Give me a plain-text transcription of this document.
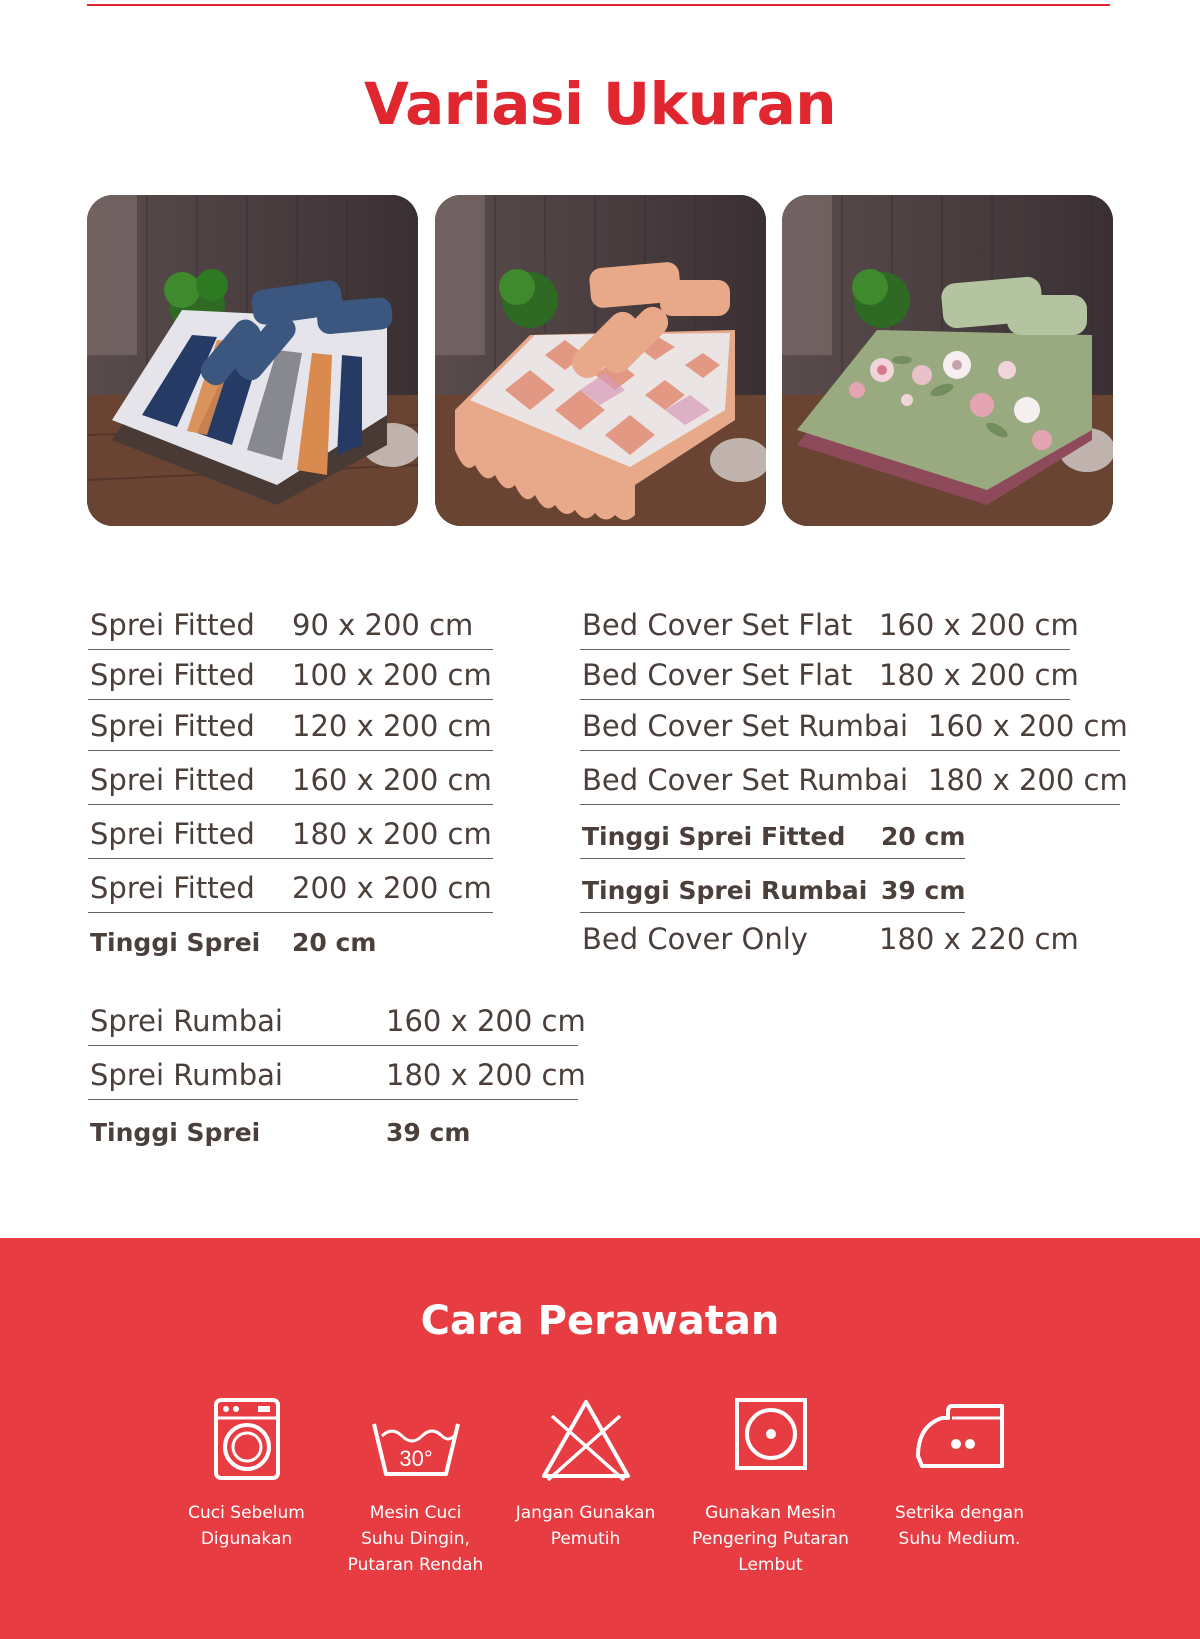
Variasi Ukuran
Sprei Fitted 90 x 200 cm
Sprei Fitted 100 x 200 cm
Sprei Fitted 120 x 200 cm
Sprei Fitted 160 x 200 cm
Sprei Fitted 180 x 200 cm
Sprei Fitted 200 x 200 cm
Tinggi Sprei 20 cm
Sprei Rumbai	160 x 200 cm
Sprei Rumbai	180 x 200 cm
Tinggi Sprei	39 cm
Bed Cover Set Flat 160 x 200 cm
Bed Cover Set Flat 180 x 200 cm
Bed Cover Set Rumbai 160 x 200 cm
Bed Cover Set Rumbai 180 x 200 cm
Tinggi Sprei Fitted 20 cm
Tinggi Sprei Rumbai 39 cm
Bed Cover Only 180 x 220 cm
Cara Perawatan
Cuci Sebelum
Digunakan
30°
Mesin Cuci
Suhu Dingin,
Putaran Rendah
Jangan Gunakan
Pemutih
Gunakan Mesin
Pengering Putaran
Lembut
Setrika dengan
Suhu Medium.
